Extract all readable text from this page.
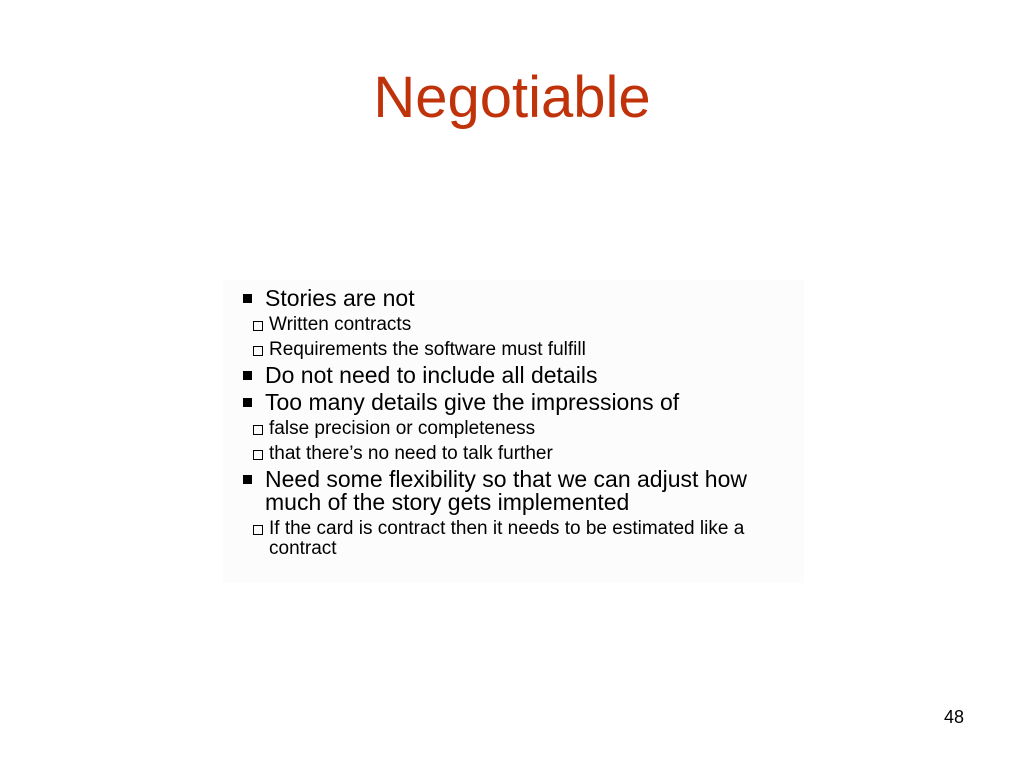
Negotiable
Stories are not
Written contracts
Requirements the software must fulfill
Do not need to include all details
Too many details give the impressions of
false precision or completeness
that there’s no need to talk further
Need some flexibility so that we can adjust how much of the story gets implemented
If the card is contract then it needs to be estimated like a contract
48
